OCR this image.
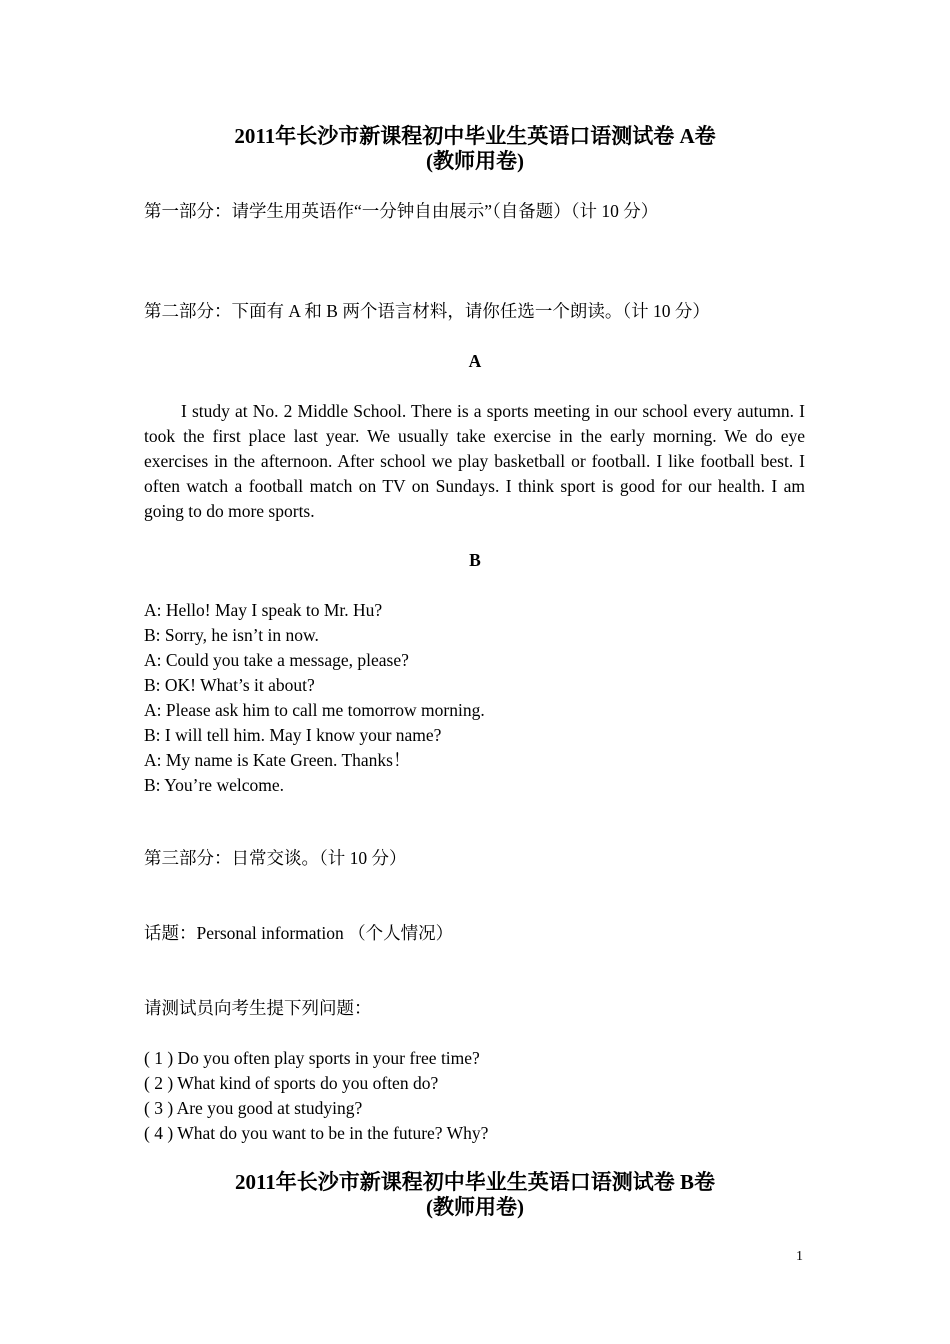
2011年长沙市新课程初中毕业生英语口语测试卷 A卷
(教师用卷)
第一部分：请学生用英语作“一分钟自由展示”（自备题）（计 10 分）
第二部分：下面有 A 和 B 两个语言材料，请你任选一个朗读。（计 10 分）
A
I study at No. 2 Middle School. There is a sports meeting in our school every autumn. I took the first place last year. We usually take exercise in the early morning. We do eye exercises in the afternoon. After school we play basketball or football. I like football best. I often watch a football match on TV on Sundays. I think sport is good for our health. I am going to do more sports.
B
A: Hello! May I speak to Mr. Hu?
B: Sorry, he isn’t in now.
A: Could you take a message, please?
B: OK! What’s it about?
A: Please ask him to call me tomorrow morning.
B: I will tell him. May I know your name?
A: My name is Kate Green. Thanks！
B: You’re welcome.
第三部分：日常交谈。（计 10 分）
话题：Personal information （个人情况）
请测试员向考生提下列问题：
( 1 ) Do you often play sports in your free time?
( 2 ) What kind of sports do you often do?
( 3 ) Are you good at studying?
( 4 ) What do you want to be in the future? Why?
2011年长沙市新课程初中毕业生英语口语测试卷 B卷
(教师用卷)
1
